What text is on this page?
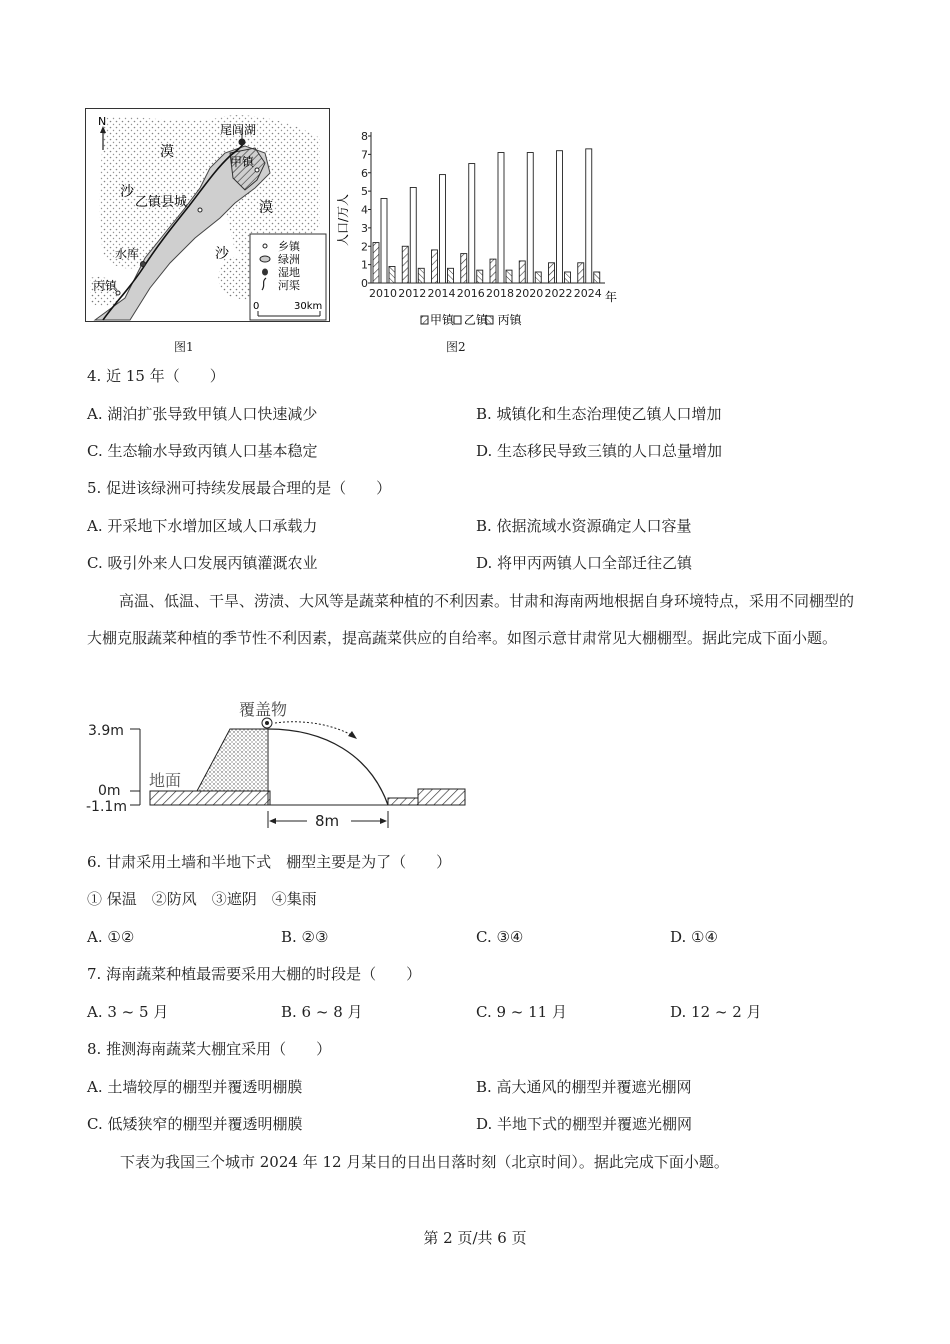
N
尾闾湖
甲镇
漠
沙
乙镇县城	漠
水库	沙
丙镇
乡镇
绿洲
湿地
河渠
0	30km
图1
0
1
2
3
4
5
6
7
8
2010 2012 2014 2016 2018 2020 2022 2024
人口/万人
年
甲镇 乙镇 丙镇
图2
4. 近 15 年（　　）
A. 湖泊扩张导致甲镇人口快速减少	B. 城镇化和生态治理使乙镇人口增加
C. 生态输水导致丙镇人口基本稳定	D. 生态移民导致三镇的人口总量增加
5. 促进该绿洲可持续发展最合理的是（　　）
A. 开采地下水增加区域人口承载力	B. 依据流域水资源确定人口容量
C. 吸引外来人口发展丙镇灌溉农业	D. 将甲丙两镇人口全部迁往乙镇
高温、低温、干旱、涝渍、大风等是蔬菜种植的不利因素。甘肃和海南两地根据自身环境特点，采用不同棚型的大棚克服蔬菜种植的季节性不利因素，提高蔬菜供应的自给率。如图示意甘肃常见大棚棚型。据此完成下面小题。
3.9m
0m
-1.1m
地面
覆盖物
8m
6. 甘肃采用土墙和半地下式　棚型主要是为了（　　）
① 保温　②防风　③遮阴　④集雨
A. ①②	B. ②③	C. ③④	D. ①④
7. 海南蔬菜种植最需要采用大棚的时段是（　　）
A. 3 ~ 5 月	B. 6 ~ 8 月	C. 9 ~ 11 月	D. 12 ~ 2 月
8. 推测海南蔬菜大棚宜采用（　　）
A. 土墙较厚的棚型并覆透明棚膜	B. 高大通风的棚型并覆遮光棚网
C. 低矮狭窄的棚型并覆透明棚膜	D. 半地下式的棚型并覆遮光棚网
下表为我国三个城市 2024 年 12 月某日的日出日落时刻（北京时间）。据此完成下面小题。
第 2 页/共 6 页
